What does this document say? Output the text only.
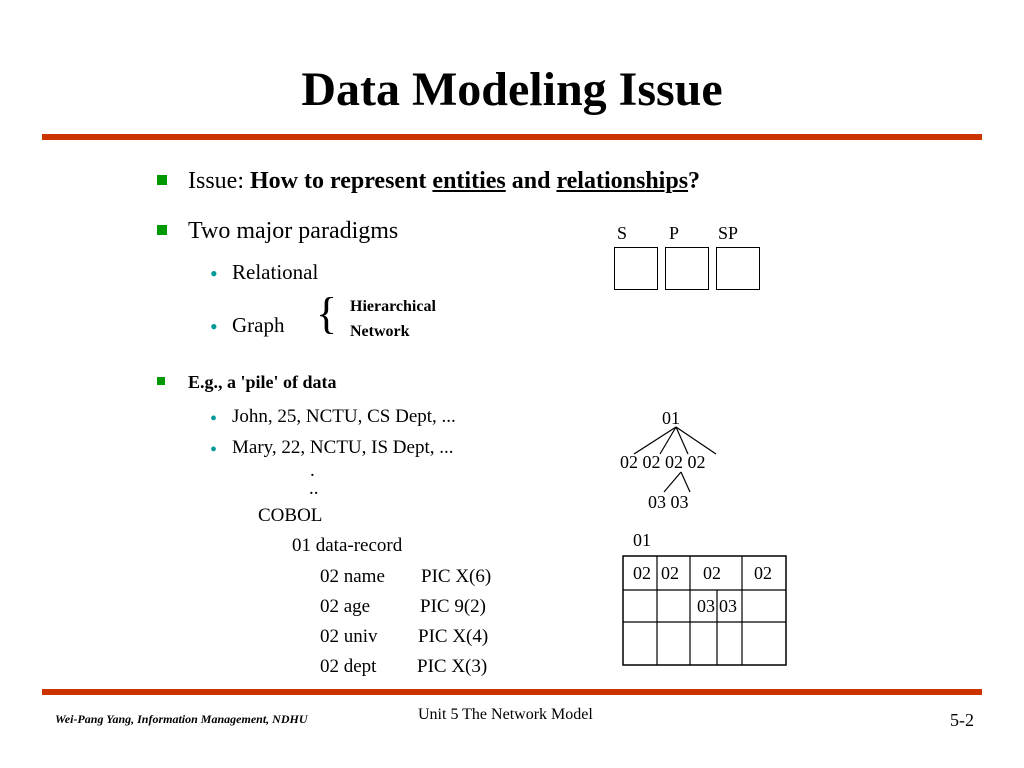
Data Modeling Issue
Issue: How to represent entities and relationships?
Two major paradigms
• Relational
• Graph { Hierarchical
Network
E.g., a 'pile' of data
• John, 25, NCTU, CS Dept, ...
• Mary, 22, NCTU, IS Dept, ...
.
..
COBOL
01 data-record
02 name PIC X(6)
02 age	PIC 9(2)
02 univ PIC X(4)
02 dept PIC X(3)
S P SP
01
02 02 02 02
03 03
01
02 02 02 02
03 03
Wei-Pang Yang, Information Management, NDHU	Unit 5 The Network Model	5-2
